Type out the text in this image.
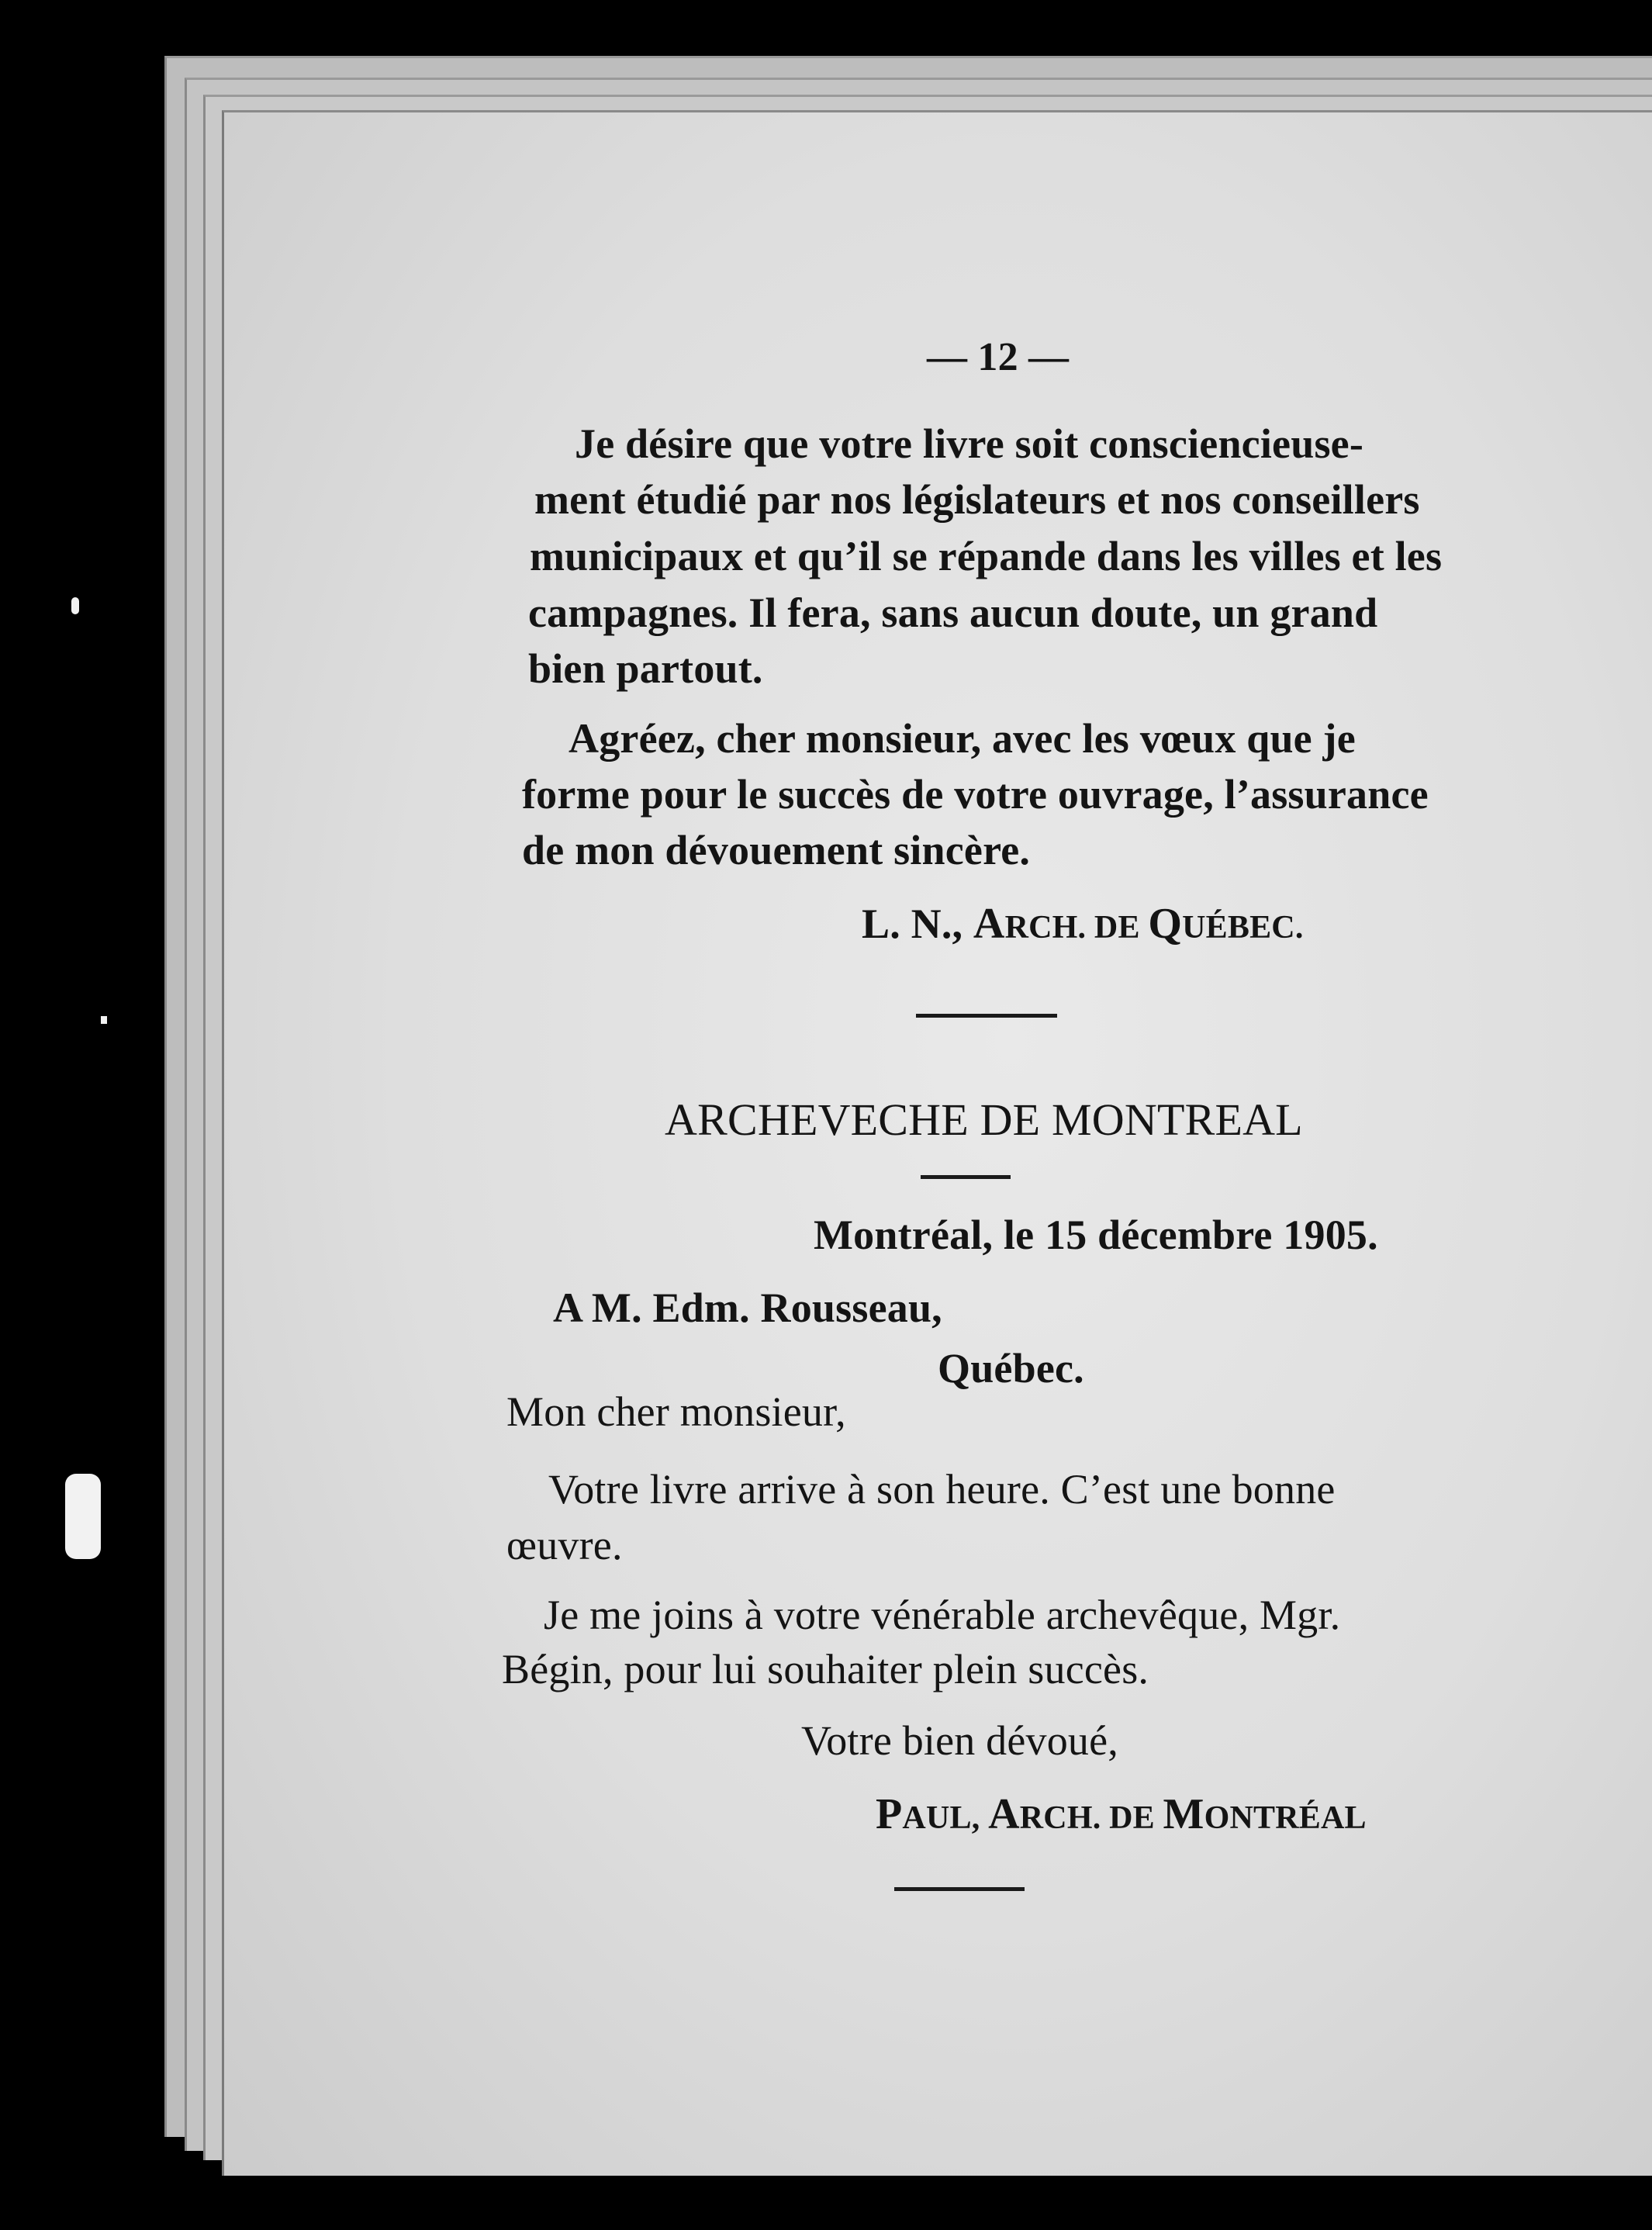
— 12 —
Je désire que votre livre soit consciencieuse-
ment étudié par nos législateurs et nos conseillers
municipaux et qu’il se répande dans les villes et les
campagnes. Il fera, sans aucun doute, un grand
bien partout.
Agréez, cher monsieur, avec les vœux que je
forme pour le succès de votre ouvrage, l’assurance
de mon dévouement sincère.
L. N., ARCH. DE QUÉBEC.
ARCHEVECHE DE MONTREAL
Montréal, le 15 décembre 1905.
A M. Edm. Rousseau,
Québec.
Mon cher monsieur,
Votre livre arrive à son heure. C’est une bonne
œuvre.
Je me joins à votre vénérable archevêque, Mgr.
Bégin, pour lui souhaiter plein succès.
Votre bien dévoué,
PAUL, ARCH. DE MONTRÉAL
